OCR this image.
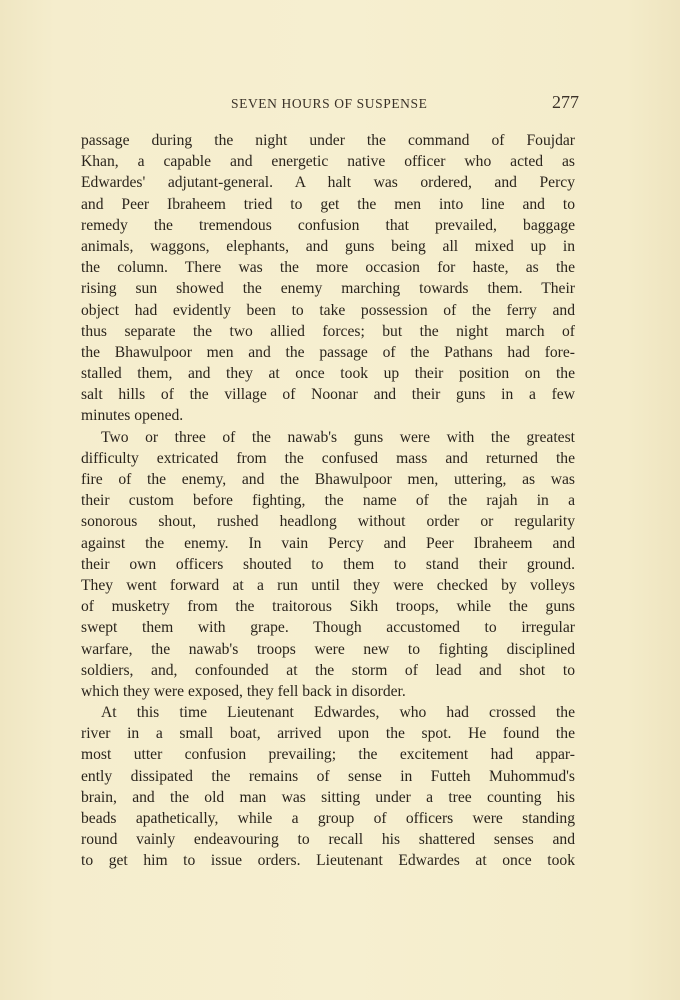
SEVEN HOURS OF SUSPENSE	277
passage during the night under the command of Foujdar
Khan, a capable and energetic native officer who acted as
Edwardes' adjutant-general. A halt was ordered, and Percy
and Peer Ibraheem tried to get the men into line and to
remedy the tremendous confusion that prevailed, baggage
animals, waggons, elephants, and guns being all mixed up in
the column. There was the more occasion for haste, as the
rising sun showed the enemy marching towards them. Their
object had evidently been to take possession of the ferry and
thus separate the two allied forces; but the night march of
the Bhawulpoor men and the passage of the Pathans had fore-
stalled them, and they at once took up their position on the
salt hills of the village of Noonar and their guns in a few
minutes opened.
Two or three of the nawab's guns were with the greatest
difficulty extricated from the confused mass and returned the
fire of the enemy, and the Bhawulpoor men, uttering, as was
their custom before fighting, the name of the rajah in a
sonorous shout, rushed headlong without order or regularity
against the enemy. In vain Percy and Peer Ibraheem and
their own officers shouted to them to stand their ground.
They went forward at a run until they were checked by volleys
of musketry from the traitorous Sikh troops, while the guns
swept them with grape. Though accustomed to irregular
warfare, the nawab's troops were new to fighting disciplined
soldiers, and, confounded at the storm of lead and shot to
which they were exposed, they fell back in disorder.
At this time Lieutenant Edwardes, who had crossed the
river in a small boat, arrived upon the spot. He found the
most utter confusion prevailing; the excitement had appar-
ently dissipated the remains of sense in Futteh Muhommud's
brain, and the old man was sitting under a tree counting his
beads apathetically, while a group of officers were standing
round vainly endeavouring to recall his shattered senses and
to get him to issue orders. Lieutenant Edwardes at once took
